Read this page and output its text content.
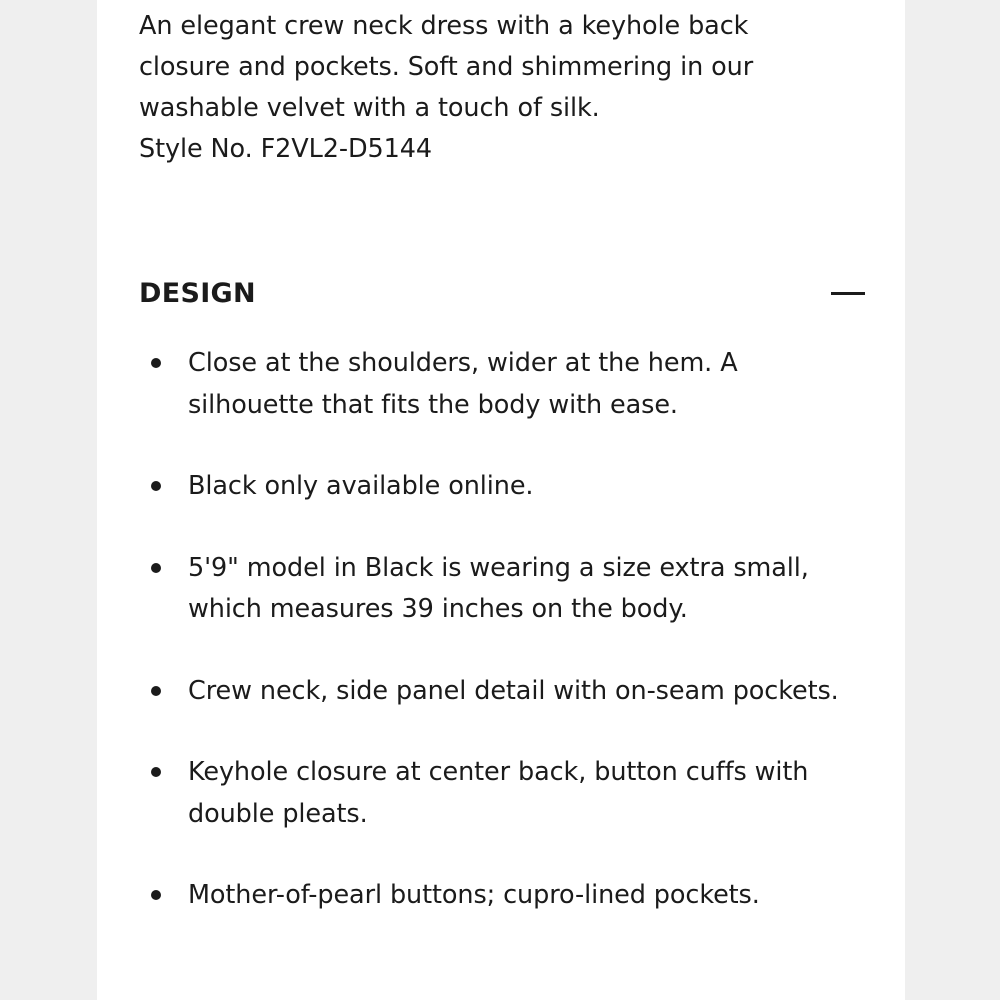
An elegant crew neck dress with a keyhole back closure and pockets. Soft and shimmering in our washable velvet with a touch of silk.

Style No. F2VL2-D5144

DESIGN
Close at the shoulders, wider at the hem. A silhouette that fits the body with ease.
Black only available online.
5'9" model in Black is wearing a size extra small, which measures 39 inches on the body.
Crew neck, side panel detail with on-seam pockets.
Keyhole closure at center back, button cuffs with double pleats.
Mother-of-pearl buttons; cupro-lined pockets.
